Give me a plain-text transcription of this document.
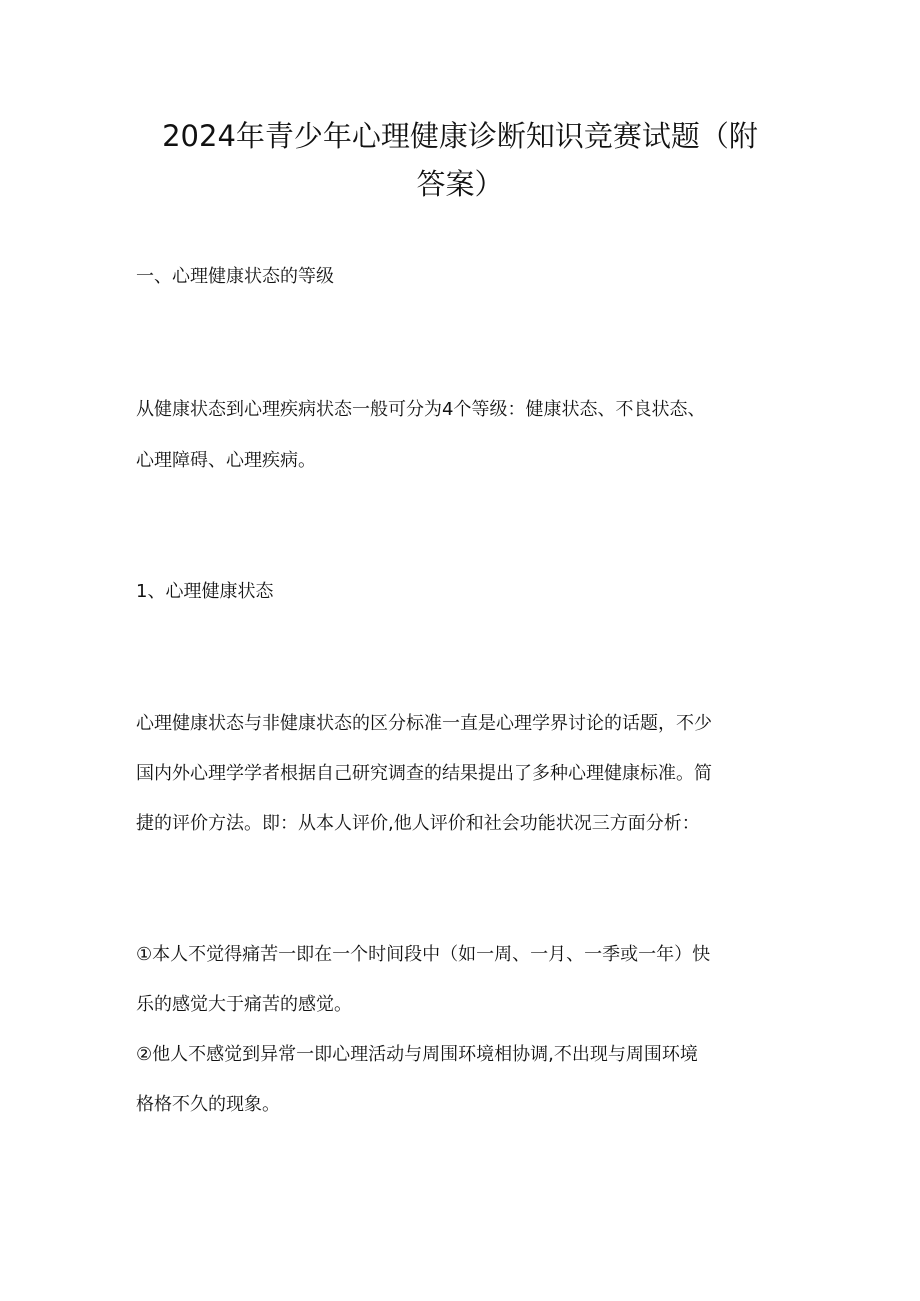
2024年青少年心理健康诊断知识竞赛试题（附
答案）
一、心理健康状态的等级
从健康状态到心理疾病状态一般可分为4个等级：健康状态、不良状态、
心理障碍、心理疾病。
1、心理健康状态
心理健康状态与非健康状态的区分标准一直是心理学界讨论的话题，不少
国内外心理学学者根据自己研究调查的结果提出了多种心理健康标准。简
捷的评价方法。即：从本人评价,他人评价和社会功能状况三方面分析：
①本人不觉得痛苦一即在一个时间段中（如一周、一月、一季或一年）快
乐的感觉大于痛苦的感觉。
②他人不感觉到异常一即心理活动与周围环境相协调,不出现与周围环境
格格不久的现象。
